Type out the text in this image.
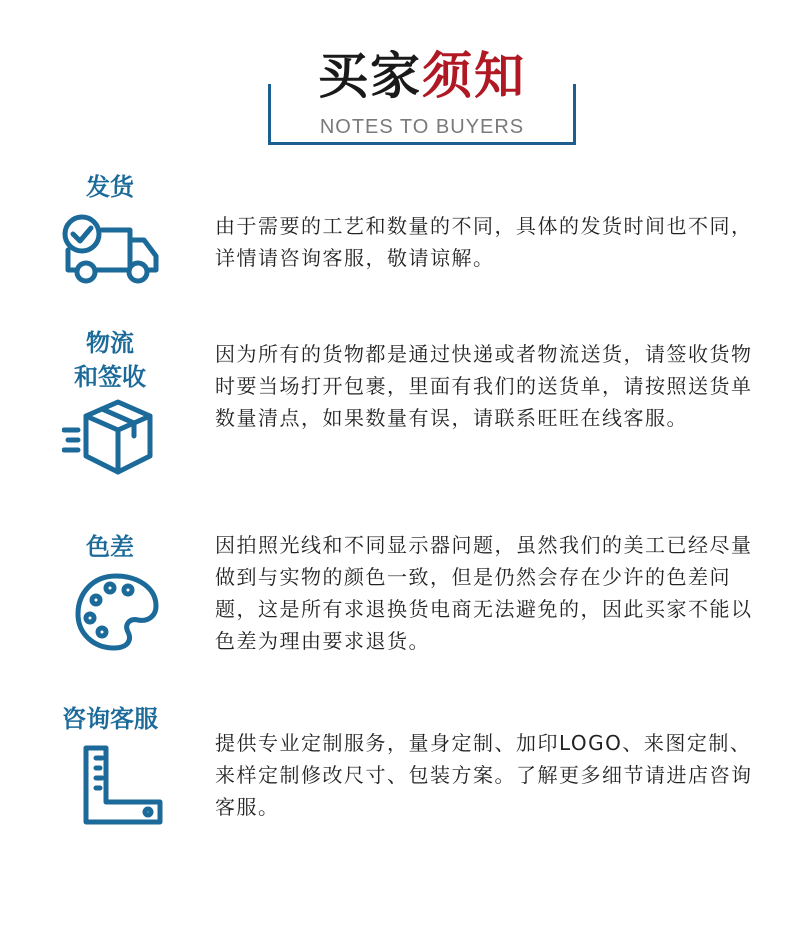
买家须知
NOTES TO BUYERS
发货
由于需要的工艺和数量的不同，具体的发货时间也不同，详情请咨询客服，敬请谅解。
物流
和签收
因为所有的货物都是通过快递或者物流送货，请签收货物时要当场打开包裹，里面有我们的送货单，请按照送货单数量清点，如果数量有误，请联系旺旺在线客服。
色差	因拍照光线和不同显示器问题，虽然我们的美工已经尽量做到与实物的颜色一致，但是仍然会存在少许的色差问题，这是所有求退换货电商无法避免的，因此买家不能以色差为理由要求退货。
咨询客服
提供专业定制服务，量身定制、加印LOGO、来图定制、来样定制修改尺寸、包装方案。了解更多细节请进店咨询客服。
